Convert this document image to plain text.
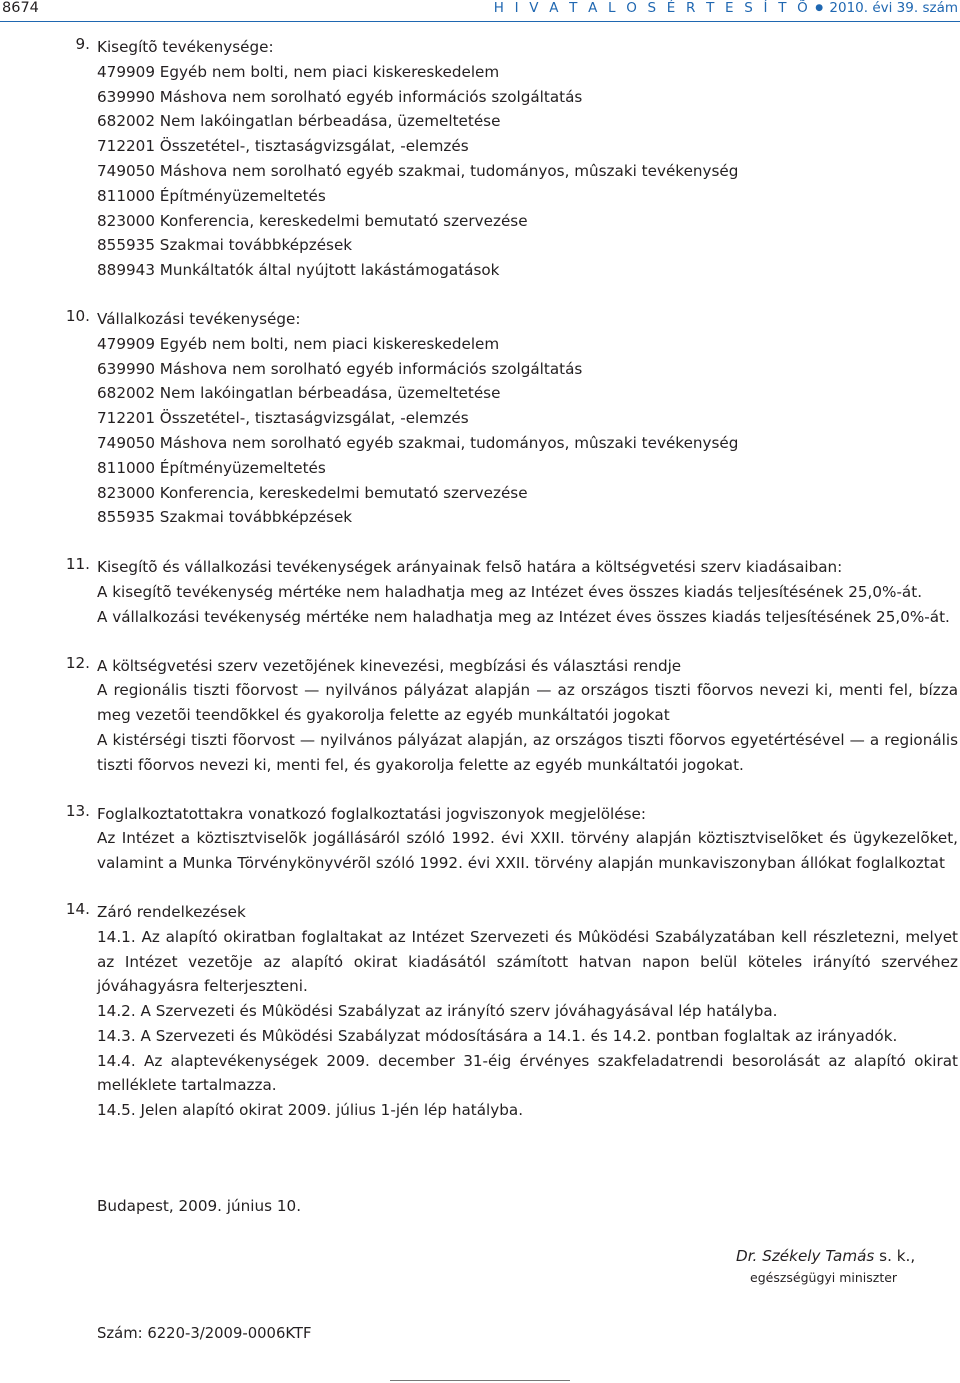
8674	H I V A T A L O S É R T E S Í T Õ ● 2010. évi 39. szám
9. Kisegítõ tevékenysége:
479909 Egyéb nem bolti, nem piaci kiskereskedelem
639990 Máshova nem sorolható egyéb információs szolgáltatás
682002 Nem lakóingatlan bérbeadása, üzemeltetése
712201 Összetétel-, tisztaságvizsgálat, -elemzés
749050 Máshova nem sorolható egyéb szakmai, tudományos, mûszaki tevékenység
811000 Építményüzemeltetés
823000 Konferencia, kereskedelmi bemutató szervezése
855935 Szakmai továbbképzések
889943 Munkáltatók által nyújtott lakástámogatások
10. Vállalkozási tevékenysége:
479909 Egyéb nem bolti, nem piaci kiskereskedelem
639990 Máshova nem sorolható egyéb információs szolgáltatás
682002 Nem lakóingatlan bérbeadása, üzemeltetése
712201 Összetétel-, tisztaságvizsgálat, -elemzés
749050 Máshova nem sorolható egyéb szakmai, tudományos, mûszaki tevékenység
811000 Építményüzemeltetés
823000 Konferencia, kereskedelmi bemutató szervezése
855935 Szakmai továbbképzések
11. Kisegítõ és vállalkozási tevékenységek arányainak felsõ határa a költségvetési szerv kiadásaiban:
A kisegítõ tevékenység mértéke nem haladhatja meg az Intézet éves összes kiadás teljesítésének 25,0%-át.
A vállalkozási tevékenység mértéke nem haladhatja meg az Intézet éves összes kiadás teljesítésének 25,0%-át.
12. A költségvetési szerv vezetõjének kinevezési, megbízási és választási rendje
A regionális tiszti fõorvost — nyilvános pályázat alapján — az országos tiszti fõorvos nevezi ki, menti fel, bízza meg vezetõi teendõkkel és gyakorolja felette az egyéb munkáltatói jogokat
A kistérségi tiszti fõorvost — nyilvános pályázat alapján, az országos tiszti fõorvos egyetértésével — a regionális tiszti fõorvos nevezi ki, menti fel, és gyakorolja felette az egyéb munkáltatói jogokat.
13. Foglalkoztatottakra vonatkozó foglalkoztatási jogviszonyok megjelölése:
Az Intézet a köztisztviselõk jogállásáról szóló 1992. évi XXII. törvény alapján köztisztviselõket és ügykezelõket, valamint a Munka Törvénykönyvérõl szóló 1992. évi XXII. törvény alapján munkaviszonyban állókat foglalkoztat
14. Záró rendelkezések
14.1. Az alapító okiratban foglaltakat az Intézet Szervezeti és Mûködési Szabályzatában kell részletezni, melyet az Intézet vezetõje az alapító okirat kiadásától számított hatvan napon belül köteles irányító szervéhez jóváhagyásra felterjeszteni.
14.2. A Szervezeti és Mûködési Szabályzat az irányító szerv jóváhagyásával lép hatályba.
14.3. A Szervezeti és Mûködési Szabályzat módosítására a 14.1. és 14.2. pontban foglaltak az irányadók.
14.4. Az alaptevékenységek 2009. december 31-éig érvényes szakfeladatrendi besorolását az alapító okirat melléklete tartalmazza.
14.5. Jelen alapító okirat 2009. július 1-jén lép hatályba.
Budapest, 2009. június 10.
Dr. Székely Tamás s. k.,
egészségügyi miniszter
Szám: 6220-3/2009-0006KTF
